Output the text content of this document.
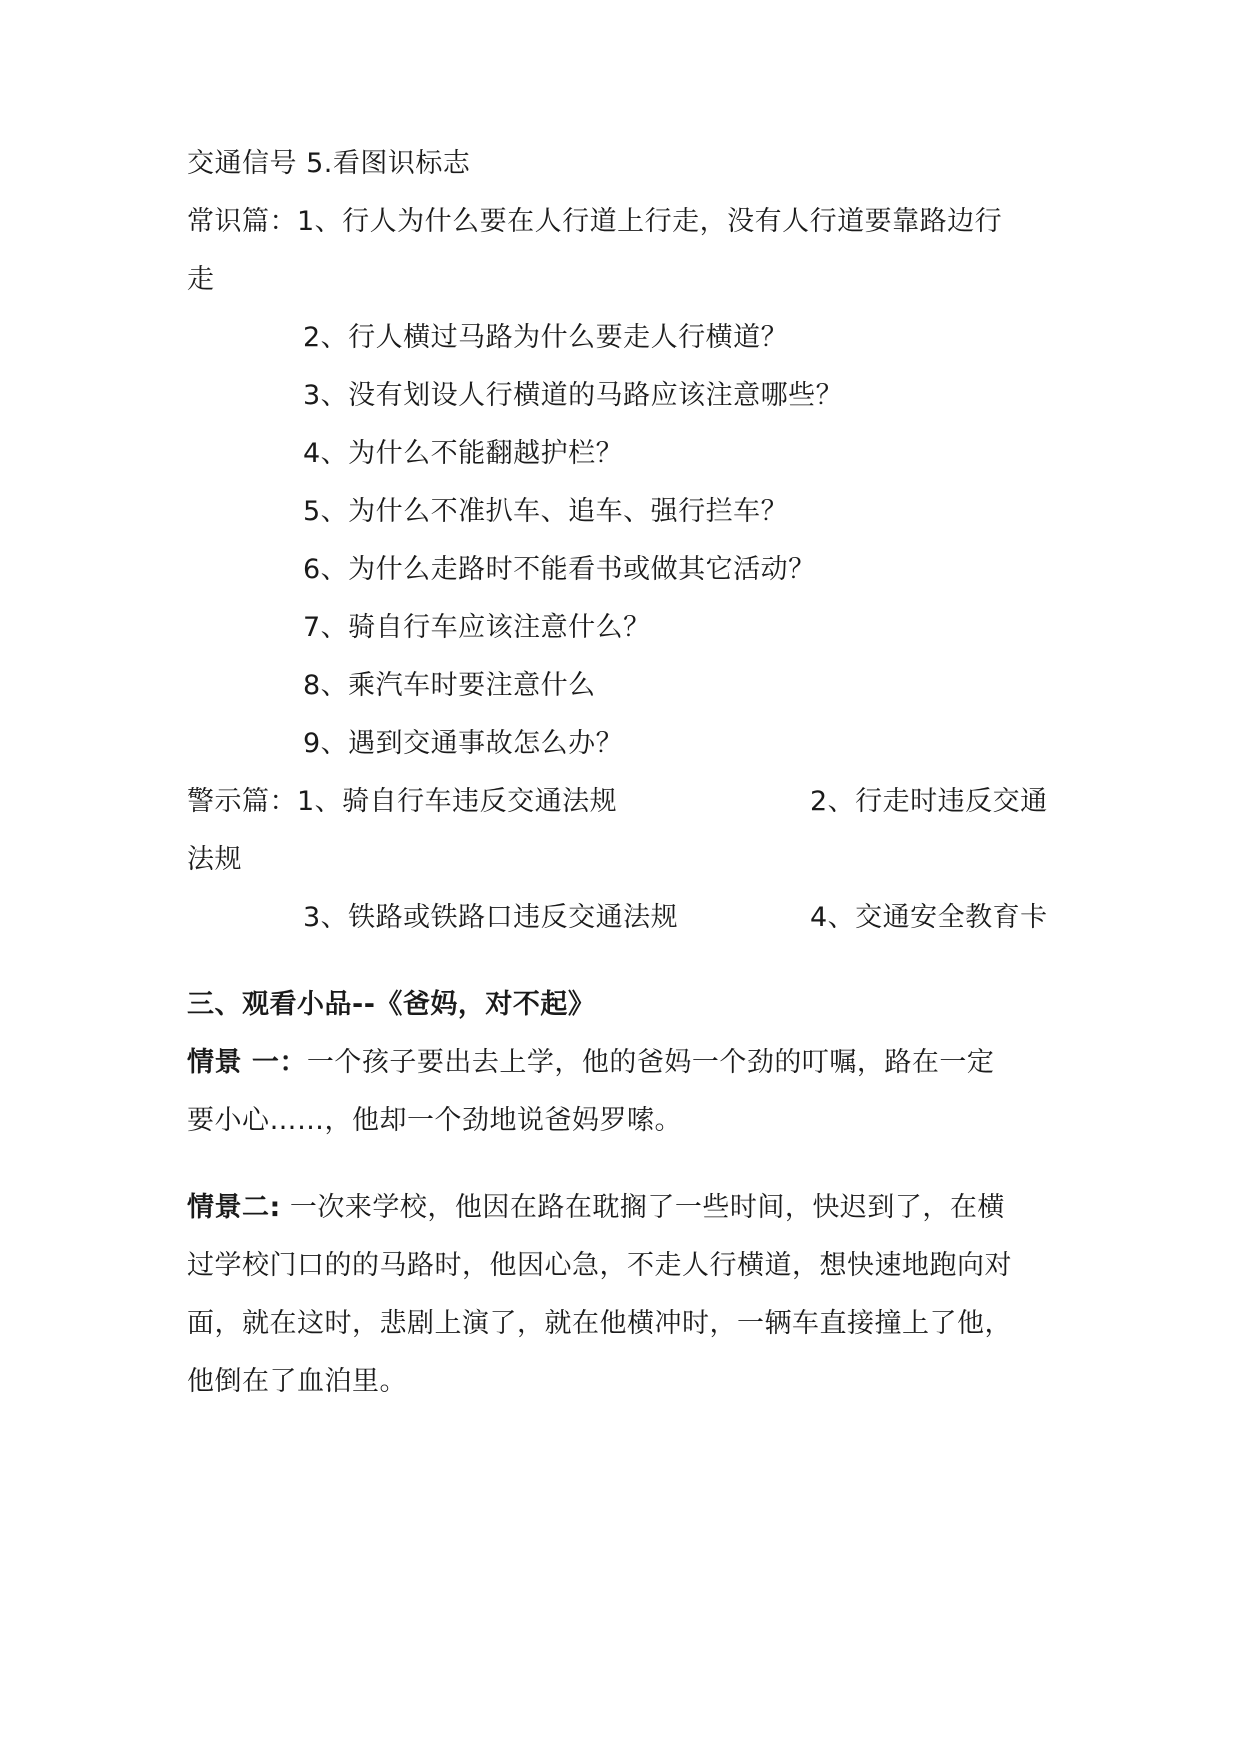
交通信号 5.看图识标志
常识篇：1、行人为什么要在人行道上行走，没有人行道要靠路边行
走
2、行人横过马路为什么要走人行横道？
3、没有划设人行横道的马路应该注意哪些？
4、为什么不能翻越护栏？
5、为什么不准扒车、追车、强行拦车？
6、为什么走路时不能看书或做其它活动？
7、骑自行车应该注意什么？
8、乘汽车时要注意什么
9、遇到交通事故怎么办？
警示篇：1、骑自行车违反交通法规	2、行走时违反交通
法规
3、铁路或铁路口违反交通法规	4、交通安全教育卡
三、观看小品--《爸妈，对不起》
情景 一：一个孩子要出去上学，他的爸妈一个劲的叮嘱，路在一定
要小心……，他却一个劲地说爸妈罗嗦。
情景二: 一次来学校，他因在路在耽搁了一些时间，快迟到了，在横
过学校门口的的马路时，他因心急，不走人行横道，想快速地跑向对
面，就在这时，悲剧上演了，就在他横冲时，一辆车直接撞上了他，
他倒在了血泊里。
